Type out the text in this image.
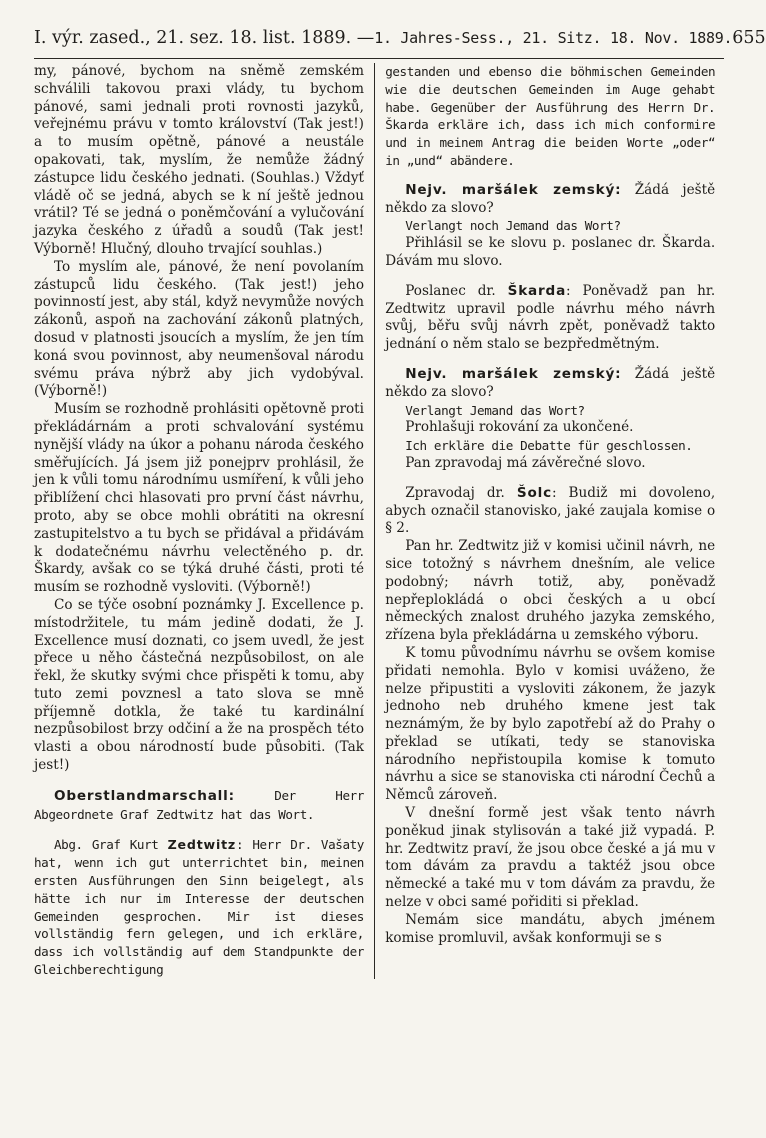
I. výr. zased., 21. sez. 18. list. 1889. — 1. Jahres-Sess., 21. Sitz. 18. Nov. 1889. 655

my, pánové, bychom na sněmě zemském schválili takovou praxi vlády, tu bychom pánové, sami jednali proti rovnosti jazyků, veřejnému právu v tomto království (Tak jest!) a to musím opětně, pánové a neustále opakovati, tak, myslím, že nemůže žádný zástupce lidu českého jednati. (Souhlas.) Vždyť vládě oč se jedná, abych se k ní ještě jednou vrátil? Té se jedná o poněmčování a vylučování jazyka českého z úřadů a soudů (Tak jest! Výborně! Hlučný, dlouho trvající souhlas.)

To myslím ale, pánové, že není povolaním zástupců lidu českého. (Tak jest!) jeho povinností jest, aby stál, když nevymůže nových zákonů, aspoň na zachování zákonů platných, dosud v platnosti jsoucích a myslím, že jen tím koná svou povinnost, aby neumenšoval národu svému práva nýbrž aby jich vydobýval. (Výborně!)

Musím se rozhodně prohlásiti opětovně proti překládárnám a proti schvalování systému nynější vlády na úkor a pohanu národa českého směřujících. Já jsem již ponejprv prohlásil, že jen k vůli tomu národnímu usmíření, k vůli jeho přiblížení chci hlasovati pro první část návrhu, proto, aby se obce mohli obrátiti na okresní zastupitelstvo a tu bych se přidával a přidávám k dodatečnému návrhu velectěného p. dr. Škardy, avšak co se týká druhé části, proti té musím se rozhodně vysloviti. (Výborně!)

Co se týče osobní poznámky J. Excellence p. místodržitele, tu mám jedině dodati, že J. Excellence musí doznati, co jsem uvedl, že jest přece u něho částečná nezpůsobilost, on ale řekl, že skutky svými chce přispěti k tomu, aby tuto zemi povznesl a tato slova se mně příjemně dotkla, že také tu kardinální nezpůsobilost brzy odčiní a že na prospěch této vlasti a obou národností bude působiti. (Tak jest!)

Oberstlandmarschall: Der Herr Abgeordnete Graf Zedtwitz hat das Wort.

Abg. Graf Kurt Zedtwitz: Herr Dr. Vašaty hat, wenn ich gut unterrichtet bin, meinen ersten Ausführungen den Sinn beigelegt, als hätte ich nur im Interesse der deutschen Gemeinden gesprochen. Mir ist dieses vollständig fern gelegen, und ich erkläre, dass ich vollständig auf dem Standpunkte der Gleichberechtigung

gestanden und ebenso die böhmischen Gemeinden wie die deutschen Gemeinden im Auge gehabt habe. Gegenüber der Ausführung des Herrn Dr. Škarda erkläre ich, dass ich mich conformire und in meinem Antrag die beiden Worte „oder“ in „und“ abändere.

Nejv. maršálek zemský: Žádá ještě někdo za slovo?

Verlangt noch Jemand das Wort?

Přihlásil se ke slovu p. poslanec dr. Škarda. Dávám mu slovo.

Poslanec dr. Škarda: Poněvadž pan hr. Zedtwitz upravil podle návrhu mého návrh svůj, běřu svůj návrh zpět, poněvadž takto jednání o něm stalo se bezpředmětným.

Nejv. maršálek zemský: Žádá ještě někdo za slovo?

Verlangt Jemand das Wort?

Prohlašuji rokování za ukončené.

Ich erkläre die Debatte für geschlossen.

Pan zpravodaj má závěrečné slovo.

Zpravodaj dr. Šolc: Budiž mi dovoleno, abych označil stanovisko, jaké zaujala komise o § 2.

Pan hr. Zedtwitz již v komisi učinil návrh, ne sice totožný s návrhem dnešním, ale velice podobný; návrh totiž, aby, poněvadž nepřeplokládá o obci českých a u obcí německých znalost druhého jazyka zemského, zřízena byla překládárna u zemského výboru.

K tomu původnímu návrhu se ovšem komise přidati nemohla. Bylo v komisi uváženo, že nelze připustiti a vysloviti zákonem, že jazyk jednoho neb druhého kmene jest tak neznámým, že by bylo zapotřebí až do Prahy o překlad se utíkati, tedy se stanoviska národního nepřistoupila komise k tomuto návrhu a sice se stanoviska cti národní Čechů a Němců zároveň.

V dnešní formě jest však tento návrh poněkud jinak stylisován a také již vypadá. P. hr. Zedtwitz praví, že jsou obce české a já mu v tom dávám za pravdu a taktéž jsou obce německé a také mu v tom dávám za pravdu, že nelze v obci samé pořiditi si překlad.

Nemám sice mandátu, abych jménem komise promluvil, avšak konformuji se s
